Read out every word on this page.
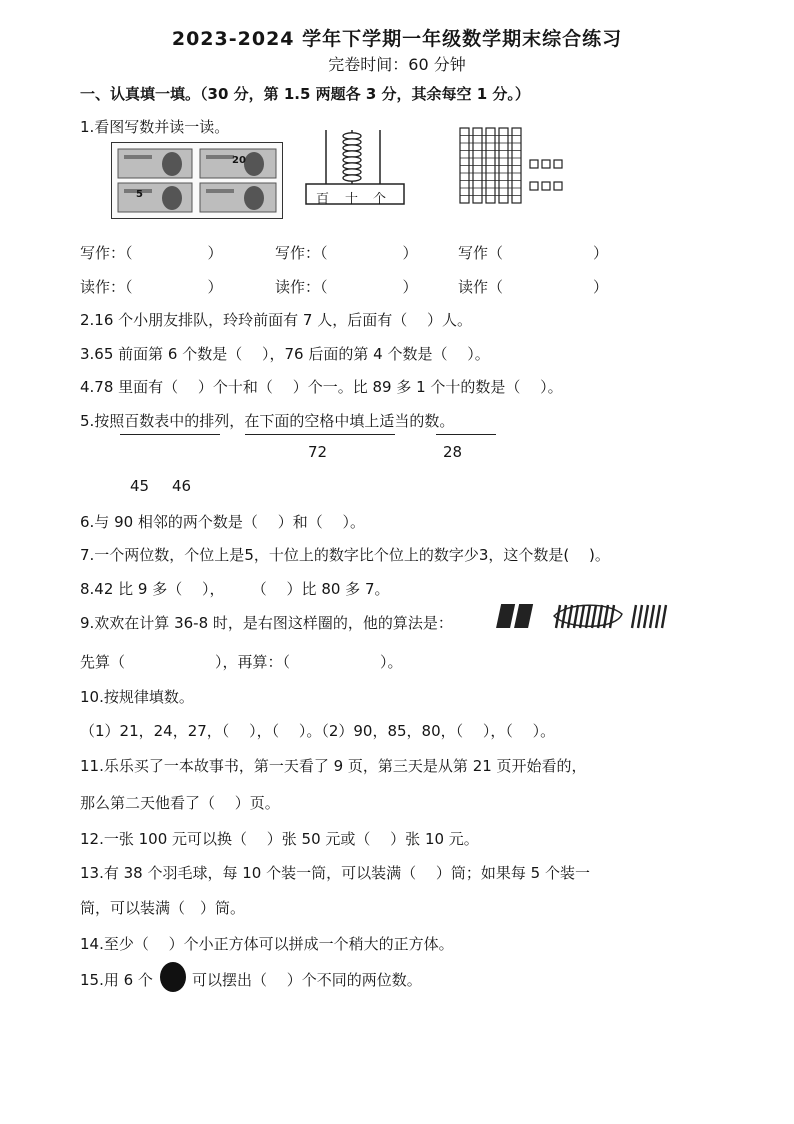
2023-2024 学年下学期一年级数学期末综合练习
完卷时间：60 分钟
一、认真填一填。（30 分，第 1.5 两题各 3 分，其余每空 1 分。）
1.看图写数并读一读。
20
5	百 十 个
写作：（　　　　　）	写作：（　　　　　）	写作（　　　　　　）
读作：（　　　　　）	读作：（　　　　　）	读作（　　　　　　）
2.16 个小朋友排队，玲玲前面有 7 人，后面有（　 ）人。
3.65 前面第 6 个数是（　 ），76 后面的第 4 个数是（　 ）。
4.78 里面有（　 ）个十和（　 ）个一。比 89 多 1 个十的数是（　 ）。
5.按照百数表中的排列，在下面的空格中填上适当的数。
72	28
45 46
6.与 90 相邻的两个数是（　 ）和（　 ）。
7.一个两位数，个位上是5，十位上的数字比个位上的数字少3，这个数是(　 )。
8.42 比 9 多（　 ），　　 （　 ）比 80 多 7。
9.欢欢在计算 36-8 时，是右图这样圈的，他的算法是：
先算（　　　　　　），再算：（　　　　　　）。
10.按规律填数。
（1）21，24，27，（　 ），（　 ）。（2）90，85，80，（　 ），（　 ）。
11.乐乐买了一本故事书，第一天看了 9 页，第三天是从第 21 页开始看的，
那么第二天他看了（　 ）页。
12.一张 100 元可以换（　 ）张 50 元或（　 ）张 10 元。
13.有 38 个羽毛球，每 10 个装一筒，可以装满（　 ）筒；如果每 5 个装一
筒，可以装满（　）筒。
14.至少（　 ）个小正方体可以拼成一个稍大的正方体。
15.用 6 个	可以摆出（　 ）个不同的两位数。
